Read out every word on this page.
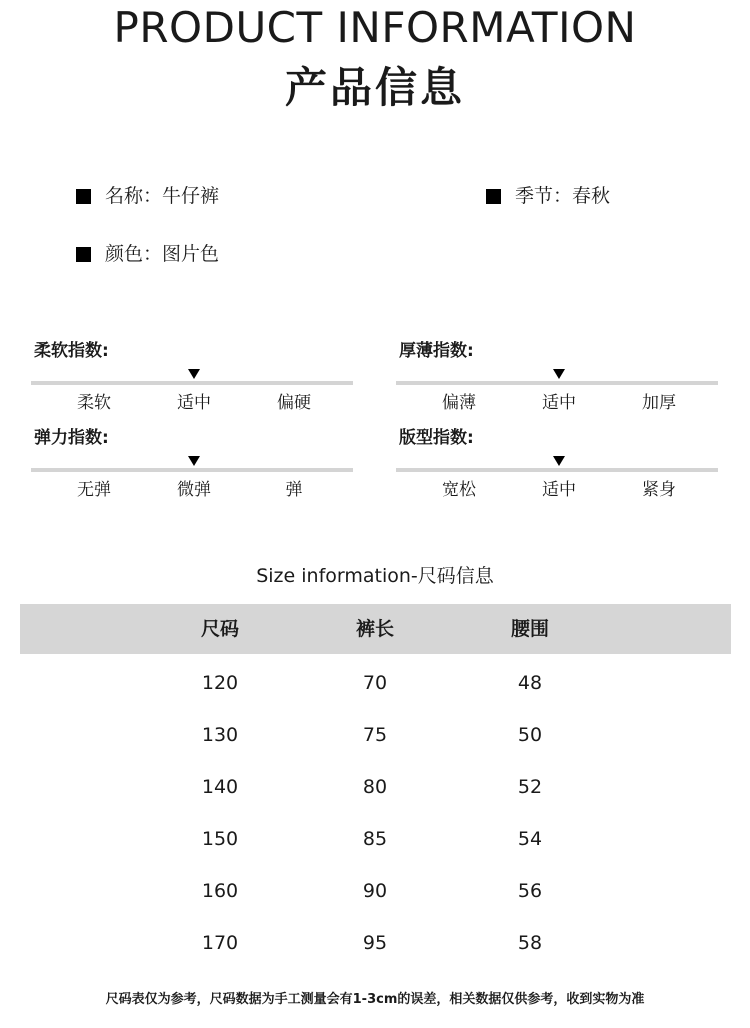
PRODUCT INFORMATION
产品信息
名称：牛仔裤	季节：春秋
颜色：图片色
柔软指数:
柔软	适中	偏硬
厚薄指数:
偏薄	适中	加厚
弹力指数:
无弹	微弹	弹
版型指数:
宽松	适中	紧身
Size information-尺码信息
尺码	裤长	腰围
120	70	48
130	75	50
140	80	52
150	85	54
160	90	56
170	95	58
尺码表仅为参考，尺码数据为手工测量会有1-3cm的误差，相关数据仅供参考，收到实物为准
